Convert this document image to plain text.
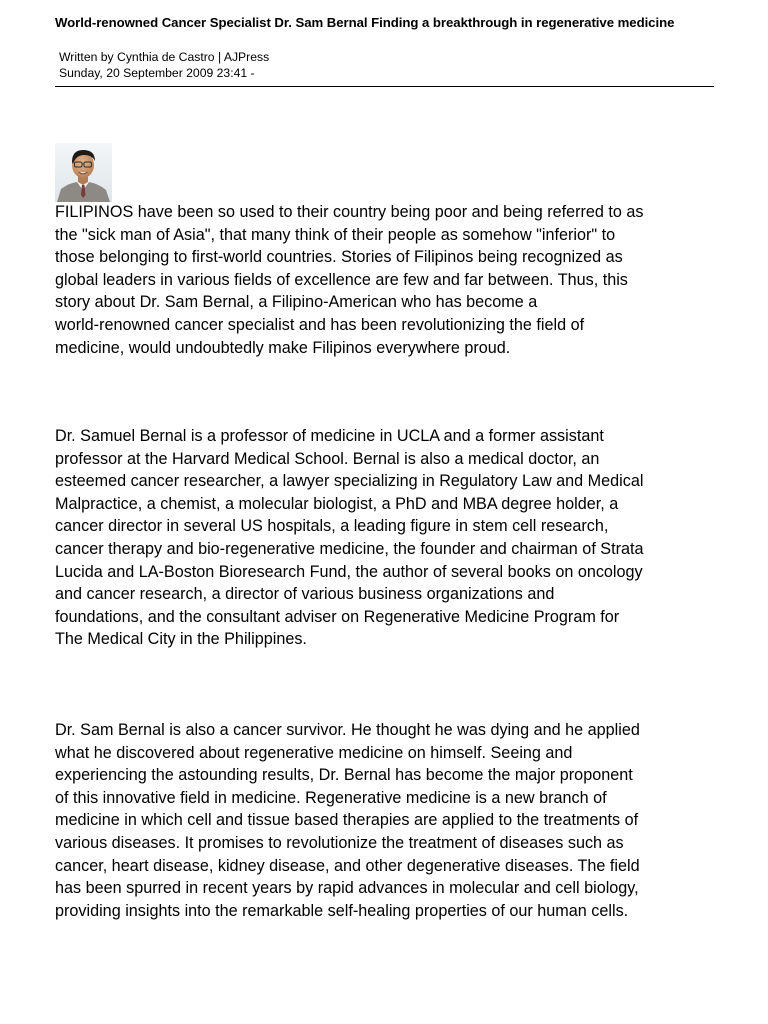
World-renowned Cancer Specialist Dr. Sam Bernal Finding a breakthrough in regenerative medicine
Written by Cynthia de Castro | AJPress
Sunday, 20 September 2009 23:41 -
FILIPINOS have been so used to their country being poor and being referred to as
the "sick man of Asia", that many think of their people as somehow "inferior" to
those belonging to first-world countries. Stories of Filipinos being recognized as
global leaders in various fields of excellence are few and far between. Thus, this
story about Dr. Sam Bernal, a Filipino-American who has become a
world-renowned cancer specialist and has been revolutionizing the field of
medicine, would undoubtedly make Filipinos everywhere proud.
Dr. Samuel Bernal is a professor of medicine in UCLA and a former assistant
professor at the Harvard Medical School. Bernal is also a medical doctor, an
esteemed cancer researcher, a lawyer specializing in Regulatory Law and Medical
Malpractice, a chemist, a molecular biologist, a PhD and MBA degree holder, a
cancer director in several US hospitals, a leading figure in stem cell research,
cancer therapy and bio-regenerative medicine, the founder and chairman of Strata
Lucida and LA-Boston Bioresearch Fund, the author of several books on oncology
and cancer research, a director of various business organizations and
foundations, and the consultant adviser on Regenerative Medicine Program for
The Medical City in the Philippines.
Dr. Sam Bernal is also a cancer survivor. He thought he was dying and he applied
what he discovered about regenerative medicine on himself. Seeing and
experiencing the astounding results, Dr. Bernal has become the major proponent
of this innovative field in medicine. Regenerative medicine is a new branch of
medicine in which cell and tissue based therapies are applied to the treatments of
various diseases. It promises to revolutionize the treatment of diseases such as
cancer, heart disease, kidney disease, and other degenerative diseases. The field
has been spurred in recent years by rapid advances in molecular and cell biology,
providing insights into the remarkable self-healing properties of our human cells.
